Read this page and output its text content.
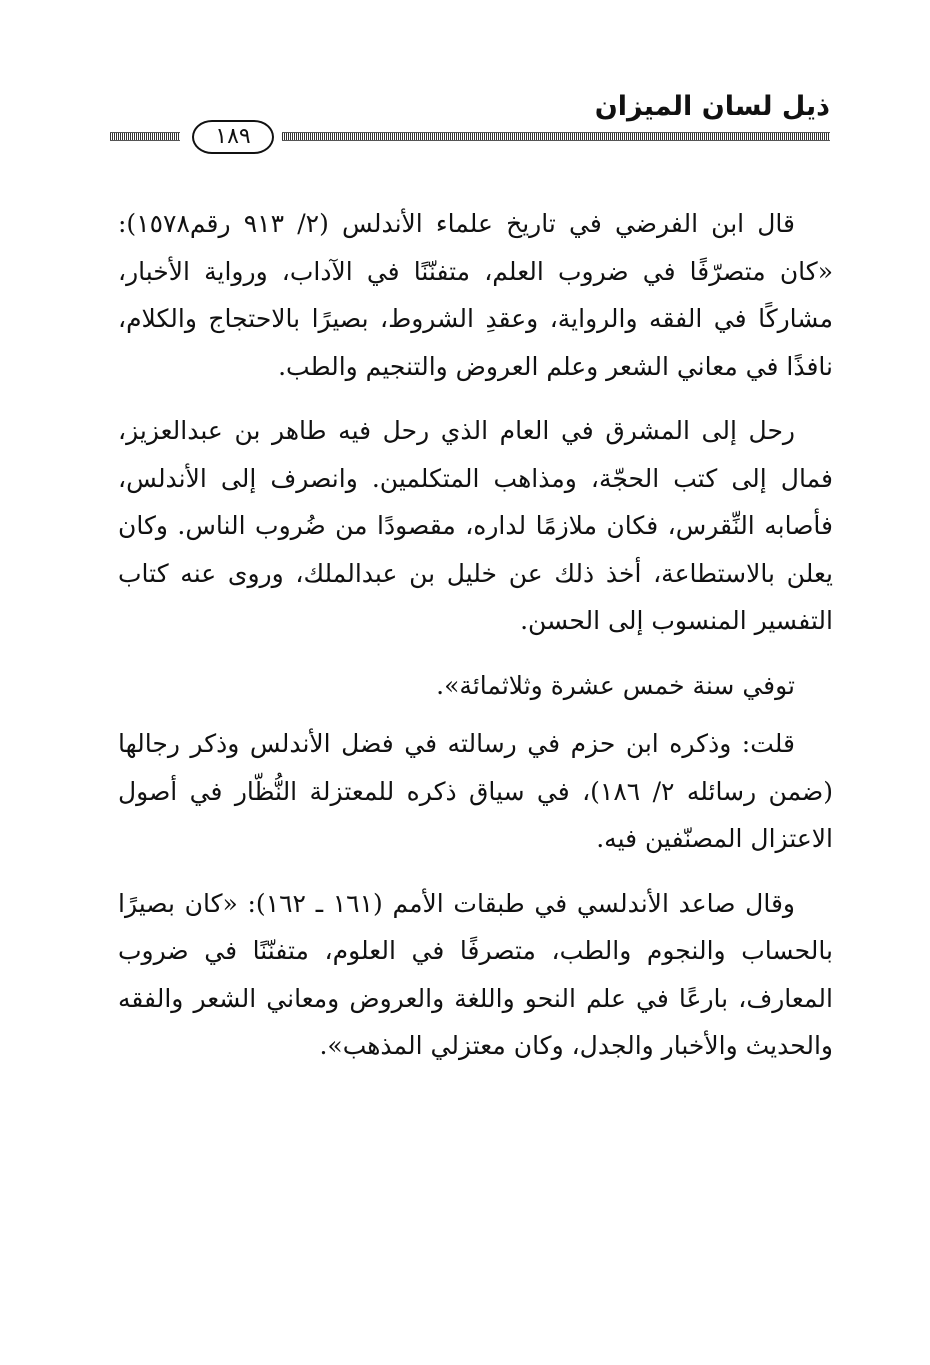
ذيل لسان الميزان
١٨٩

قال ابن الفرضي في تاريخ علماء الأندلس (٢/ ٩١٣ رقم١٥٧٨): «كان متصرّفًا في ضروب العلم، متفنّنًا في الآداب، ورواية الأخبار، مشاركًا في الفقه والرواية، وعقدِ الشروط، بصيرًا بالاحتجاج والكلام، نافذًا في معاني الشعر وعلم العروض والتنجيم والطب.

رحل إلى المشرق في العام الذي رحل فيه طاهر بن عبدالعزيز، فمال إلى كتب الحجّة، ومذاهب المتكلمين. وانصرف إلى الأندلس، فأصابه النِّقرس، فكان ملازمًا لداره، مقصودًا من ضُروب الناس. وكان يعلن بالاستطاعة، أخذ ذلك عن خليل بن عبدالملك، وروى عنه كتاب التفسير المنسوب إلى الحسن.

توفي سنة خمس عشرة وثلاثمائة».

قلت: وذكره ابن حزم في رسالته في فضل الأندلس وذكر رجالها (ضمن رسائله ٢/ ١٨٦)، في سياق ذكره للمعتزلة النُّظّار في أصول الاعتزال المصنّفين فيه.

وقال صاعد الأندلسي في طبقات الأمم (١٦١ ـ ١٦٢): «كان بصيرًا بالحساب والنجوم والطب، متصرفًا في العلوم، متفنّنًا في ضروب المعارف، بارعًا في علم النحو واللغة والعروض ومعاني الشعر والفقه والحديث والأخبار والجدل، وكان معتزلي المذهب».
